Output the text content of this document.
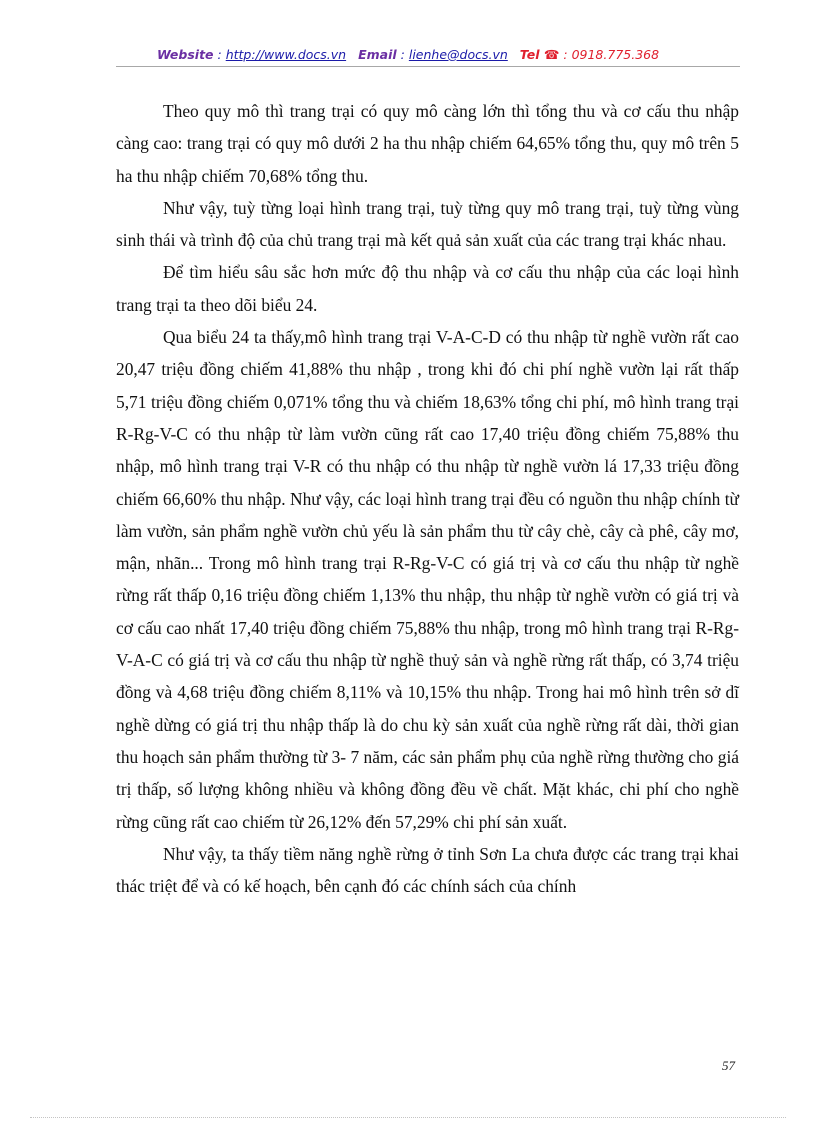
Website : http://www.docs.vn Email : lienhe@docs.vn Tel ☎ : 0918.775.368

Theo quy mô thì trang trại có quy mô càng lớn thì tổng thu và cơ cấu thu nhập càng cao: trang trại có quy mô dưới 2 ha thu nhập chiếm 64,65% tổng thu, quy mô trên 5 ha thu nhập chiếm 70,68% tổng thu.

Như vậy, tuỳ từng loại hình trang trại, tuỳ từng quy mô trang trại, tuỳ từng vùng sinh thái và trình độ của chủ trang trại mà kết quả sản xuất của các trang trại khác nhau.

Để tìm hiểu sâu sắc hơn mức độ thu nhập và cơ cấu thu nhập của các loại hình trang trại ta theo dõi biểu 24.

Qua biểu 24 ta thấy,mô hình trang trại V-A-C-D có thu nhập từ nghề vườn rất cao 20,47 triệu đồng chiếm 41,88% thu nhập , trong khi đó chi phí nghề vườn lại rất thấp 5,71 triệu đồng chiếm 0,071% tổng thu và chiếm 18,63% tổng chi phí, mô hình trang trại R-Rg-V-C có thu nhập từ làm vườn cũng rất cao 17,40 triệu đồng chiếm 75,88% thu nhập, mô hình trang trại V-R có thu nhập có thu nhập từ nghề vườn lá 17,33 triệu đồng chiếm 66,60% thu nhập. Như vậy, các loại hình trang trại đều có nguồn thu nhập chính từ làm vườn, sản phẩm nghề vườn chủ yếu là sản phẩm thu từ cây chè, cây cà phê, cây mơ, mận, nhãn... Trong mô hình trang trại R-Rg-V-C có giá trị và cơ cấu thu nhập từ nghề rừng rất thấp 0,16 triệu đồng chiếm 1,13% thu nhập, thu nhập từ nghề vườn có giá trị và cơ cấu cao nhất 17,40 triệu đồng chiếm 75,88% thu nhập, trong mô hình trang trại R-Rg-V-A-C có giá trị và cơ cấu thu nhập từ nghề thuỷ sản và nghề rừng rất thấp, có 3,74 triệu đồng và 4,68 triệu đồng chiếm 8,11% và 10,15% thu nhập. Trong hai mô hình trên sở dĩ nghề dừng có giá trị thu nhập thấp là do chu kỳ sản xuất của nghề rừng rất dài, thời gian thu hoạch sản phẩm thường từ 3- 7 năm, các sản phẩm phụ của nghề rừng thường cho giá trị thấp, số lượng không nhiều và không đồng đều về chất. Mặt khác, chi phí cho nghề rừng cũng rất cao chiếm từ 26,12% đến 57,29% chi phí sản xuất.

Như vậy, ta thấy tiềm năng nghề rừng ở tỉnh Sơn La chưa được các trang trại khai thác triệt để và có kế hoạch, bên cạnh đó các chính sách của chính

57
